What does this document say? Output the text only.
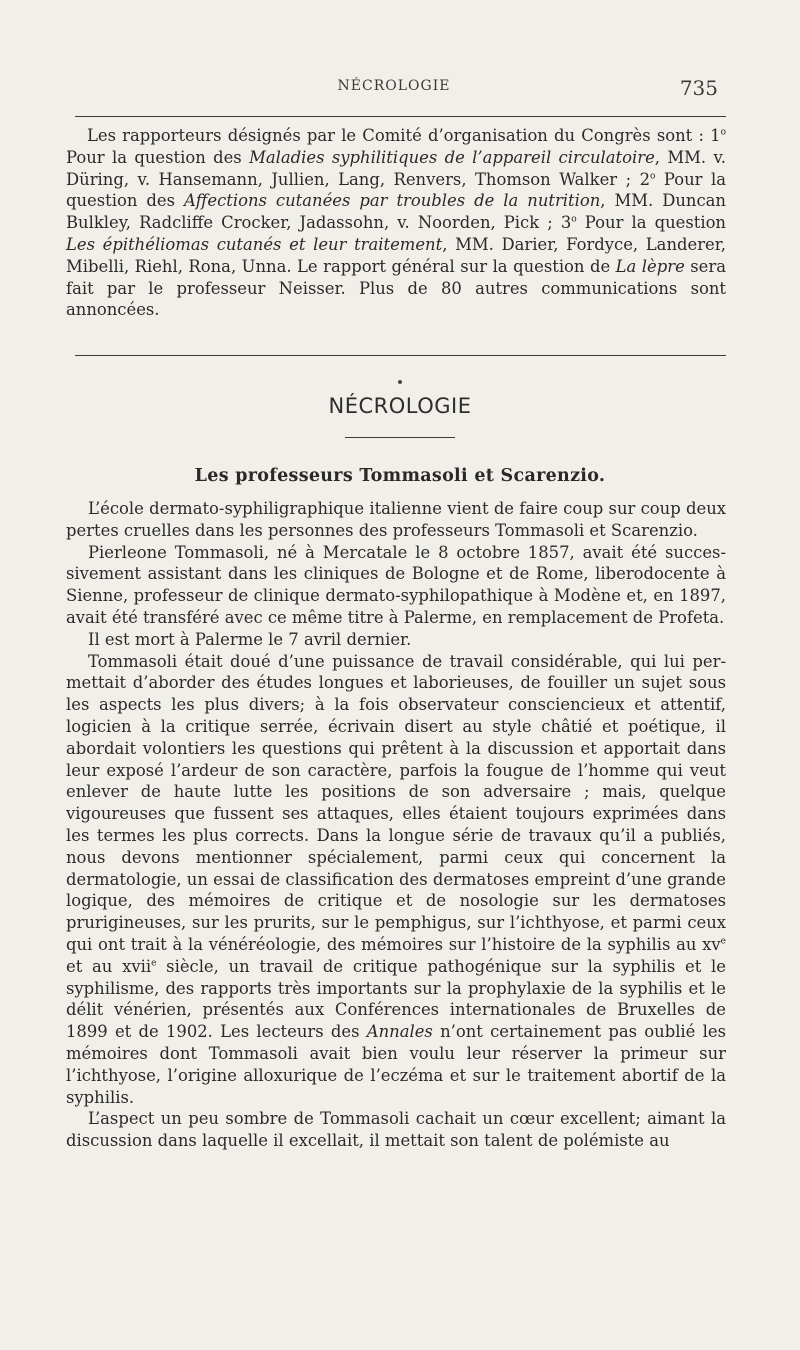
NÉCROLOGIE	735

Les rapporteurs désignés par le Comité d’organisation du Congrès sont : 1$^o$ Pour la question des Maladies syphilitiques de l’appareil circulatoire, MM. v. Düring, v. Hansemann, Jullien, Lang, Renvers, Thomson Walker ; 2$^o$ Pour la question des Affections cutanées par troubles de la nutrition, MM. Duncan Bulkley, Radcliffe Crocker, Jadassohn, v. Noorden, Pick ; 3$^o$ Pour la question Les épithéliomas cutanés et leur traitement, MM. Darier, Fordyce, Landerer, Mibelli, Riehl, Rona, Unna. Le rapport général sur la question de La lèpre sera fait par le professeur Neisser. Plus de 80 autres communications sont annoncées.

NÉCROLOGIE
Les professeurs Tommasoli et Scarenzio.

L’école dermato-syphiligraphique italienne vient de faire coup sur coup deux pertes cruelles dans les personnes des professeurs Tommasoli et Scarenzio.

Pierleone Tommasoli, né à Mercatale le 8 octobre 1857, avait été successivement assistant dans les cliniques de Bologne et de Rome, liberodocente à Sienne, professeur de clinique dermato-syphilopathique à Modène et, en 1897, avait été transféré avec ce même titre à Palerme, en remplacement de Profeta.

Il est mort à Palerme le 7 avril dernier.

Tommasoli était doué d’une puissance de travail considérable, qui lui permettait d’aborder des études longues et laborieuses, de fouiller un sujet sous les aspects les plus divers; à la fois observateur consciencieux et attentif, logicien à la critique serrée, écrivain disert au style châtié et poétique, il abordait volontiers les questions qui prêtent à la discussion et apportait dans leur exposé l’ardeur de son caractère, parfois la fougue de l’homme qui veut enlever de haute lutte les positions de son adversaire ; mais, quelque vigoureuses que fussent ses attaques, elles étaient toujours exprimées dans les termes les plus corrects. Dans la longue série de travaux qu’il a publiés, nous devons mentionner spécialement, parmi ceux qui concernent la dermatologie, un essai de classification des dermatoses empreint d’une grande logique, des mémoires de critique et de nosologie sur les dermatoses prurigineuses, sur les prurits, sur le pemphigus, sur l’ichthyose, et parmi ceux qui ont trait à la vénéréologie, des mémoires sur l’histoire de la syphilis au $xv^e$ et au xvii$^e$ siècle, un travail de critique pathogénique sur la syphilis et le syphilisme, des rapports très importants sur la prophylaxie de la syphilis et le délit vénérien, présentés aux Conférences internationales de Bruxelles de 1899 et de 1902. Les lecteurs des Annales n’ont certainement pas oublié les mémoires dont Tommasoli avait bien voulu leur réserver la primeur sur l’ichthyose, l’origine alloxurique de l’eczéma et sur le traitement abortif de la syphilis.

L’aspect un peu sombre de Tommasoli cachait un cœur excellent; aimant la discussion dans laquelle il excellait, il mettait son talent de polémiste au
